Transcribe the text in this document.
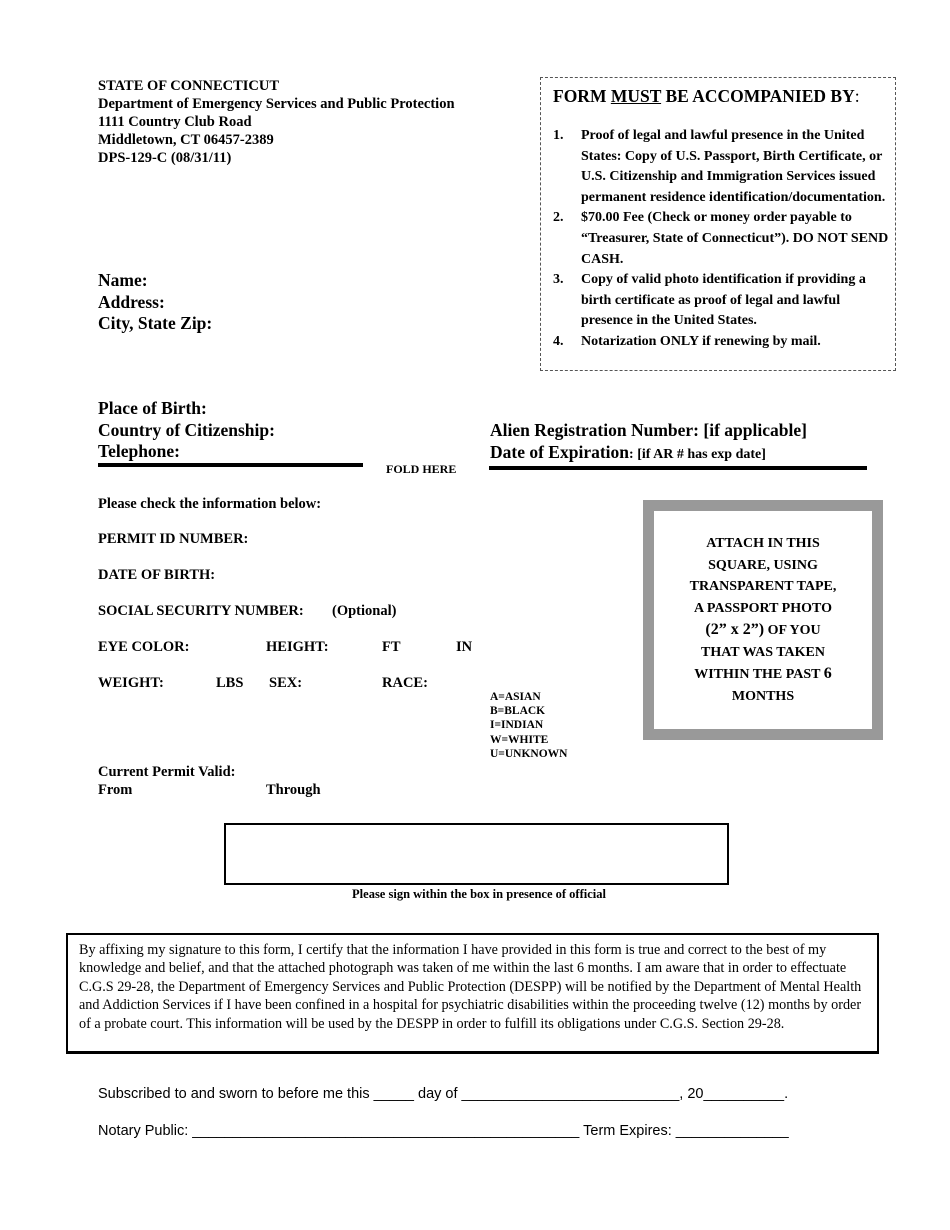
STATE OF CONNECTICUT
Department of Emergency Services and Public Protection
1111 Country Club Road
Middletown, CT 06457-2389
DPS-129-C (08/31/11)
FORM MUST BE ACCOMPANIED BY:
1.	Proof of legal and lawful presence in the United States: Copy of U.S. Passport, Birth Certificate, or U.S. Citizenship and Immigration Services issued permanent residence identification/documentation.
2.	$70.00 Fee (Check or money order payable to “Treasurer, State of Connecticut”). DO NOT SEND CASH.
3.	Copy of valid photo identification if providing a birth certificate as proof of legal and lawful presence in the United States.
4.	Notarization ONLY if renewing by mail.
Name:
Address:
City, State Zip:
Place of Birth:
Country of Citizenship:
Telephone:
FOLD HERE
Alien Registration Number: [if applicable]
Date of Expiration: [if AR # has exp date]
Please check the information below:
PERMIT ID NUMBER:
DATE OF BIRTH:
SOCIAL SECURITY NUMBER: (Optional)
EYE COLOR:	HEIGHT:	FT	IN
WEIGHT:	LBS SEX:	RACE:
A=ASIAN
B=BLACK
I=INDIAN
W=WHITE
U=UNKNOWN
Current Permit Valid:
From	Through
ATTACH IN THIS
SQUARE, USING
TRANSPARENT TAPE,
A PASSPORT PHOTO
(2” x 2”) OF YOU
THAT WAS TAKEN
WITHIN THE PAST 6
MONTHS
Please sign within the box in presence of official
By affixing my signature to this form, I certify that the information I have provided in this form is true and correct to the best of my knowledge and belief, and that the attached photograph was taken of me within the last 6 months. I am aware that in order to effectuate C.G.S 29-28, the Department of Emergency Services and Public Protection (DESPP) will be notified by the Department of Mental Health and Addiction Services if I have been confined in a hospital for psychiatric disabilities within the proceeding twelve (12) months by order of a probate court. This information will be used by the DESPP in order to fulfill its obligations under C.G.S. Section 29-28.
Subscribed to and sworn to before me this _____ day of ___________________________, 20__________.
Notary Public: ________________________________________________ Term Expires: ______________
